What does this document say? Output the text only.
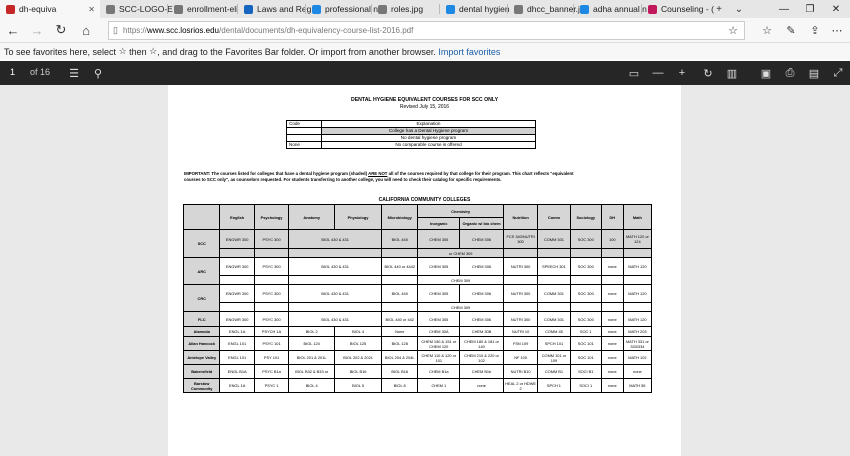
dh-equiva	✕	SCC-LOGO-E enrollment-eli Laws and Reg professional n roles.jpg	dental hygien dhcc_banner.j adha annual n Counseling - ( +	⌄	—	❐	✕
← → ↻	⌂	▯ https:// www.scc.losrios.edu /dental/documents/dh-equivalency-course-list-2016.pdf	☆	☆	✎	⇪	⋯
To see favorites here, select ☆ then ☆ , and drag to the Favorites Bar folder. Or import from another browser. Import favorites
1 of 16 ☰	⚲	▭ —	+	↻	▥ ▣	⎙	▤	⤢
DENTAL HYGIENE EQUIVALENT COURSES FOR SCC ONLY
Revised July 15, 2016
Code	Explanation
	College has a Dental Hygiene program
	No dental hygiene program
None	No comparable course is offered
IMPORTANT: The courses listed for colleges that have a dental hygiene program (shaded) ARE NOT all of the courses required by that college for their program. This chart reflects "equivalent courses to SCC only", as counselors requested. For students transferring to another college, you will need to check their catalog for specific requirements.
CALIFORNIA COMMUNITY COLLEGES
	English	Psychology	Anatomy	Physiology	Microbiology	Chemistry		Nutrition	Comm	Sociology	DH	Math
						Inorganic	Organic w/ bio chem					
SCC	ENGWR 300	PSYC 300	BIOL 430 & 431		BIOL 440	CHEM 305	CHEM 306	FCS 340/NUTRI 300	COMM 301	SOC 300	100	MATH 120 or 124
						or CHEM 309						
ARC	ENGWR 300	PSYC 300	BIOL 430 & 431		BIOL 440 or 4442	CHEM 305	CHEM 306	NUTRI 300	SPEECH 301	SOC 300	none	MATH 120
						CHEM 309						
CRC	ENGWR 300	PSYC 300	BIOL 430 & 431		BIOL 440	CHEM 305	CHEM 306	NUTRI 300	COMM 301	SOC 300	none	MATH 120
						CHEM 309						
FLC	ENGWR 300	PSYC 300	BIOL 430 & 431		BIOL 440 or 442	CHEM 305	CHEM 306	NUTRI 300	COMM 301	SOC 300	none	MATH 120
Alameda	ENGL 1A	PSYCH 1A	BIOL 2	BIOL 4	None	CHEM 30A	CHEM 30B	NUTRI 10	COMM 45	SOC 1	none	MATH 203
Allan Hancock	ENGL 101	PSYC 101	BIOL 124	BIOL 125	BIOL 128	CHEM 150 & 151 or CHEM 120	CHEM 180 & 181 or 140	FSN 109	SPCH 101	SOC 101	none	MATH 331 or 333/334
Antelope Valley	ENGL 101	PSY 101	BIOL 201 & 201L	BIOL 202 & 202L	BIOL 204 & 204L	CHEM 110 & 120 or 101	CHEM 210 & 220 or 102	NF 100	COMM 101 or 109	SOC 101	none	MATH 102
Bakersfield	ENGL B1A	PSYC B1a	BIOL B32 & B33 or	BIOL B16	BIOL B16	CHEM B1a	CHEM B1b	NUTRI B10	COMM B1	SOCI B1	none	none
Barstow Community	ENGL 1A	PSYC 1	BIOL 4	BIOL 5	BIOL 8	CHEM 1	none	HEAL 2 or HDWE 2	SPCH 1	SOCI 1	none	MATH 55
